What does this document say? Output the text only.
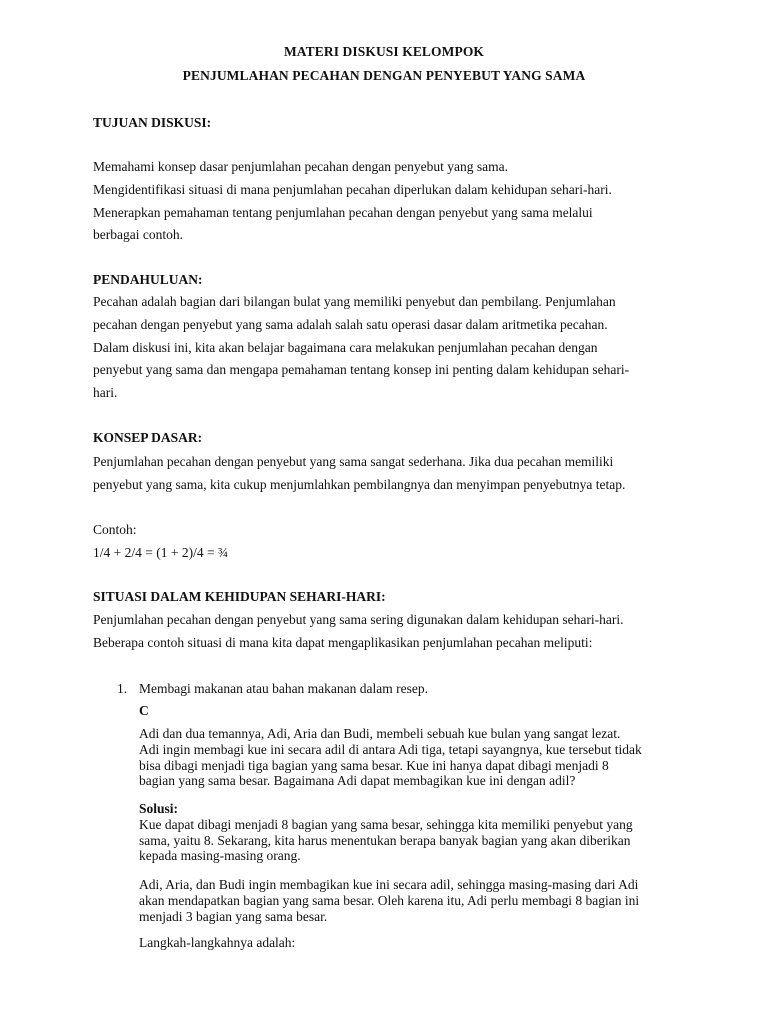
MATERI DISKUSI KELOMPOK
PENJUMLAHAN PECAHAN DENGAN PENYEBUT YANG SAMA
TUJUAN DISKUSI:
Memahami konsep dasar penjumlahan pecahan dengan penyebut yang sama.
Mengidentifikasi situasi di mana penjumlahan pecahan diperlukan dalam kehidupan sehari-hari.
Menerapkan pemahaman tentang penjumlahan pecahan dengan penyebut yang sama melalui
berbagai contoh.
PENDAHULUAN:
Pecahan adalah bagian dari bilangan bulat yang memiliki penyebut dan pembilang. Penjumlahan
pecahan dengan penyebut yang sama adalah salah satu operasi dasar dalam aritmetika pecahan.
Dalam diskusi ini, kita akan belajar bagaimana cara melakukan penjumlahan pecahan dengan
penyebut yang sama dan mengapa pemahaman tentang konsep ini penting dalam kehidupan sehari-
hari.
KONSEP DASAR:
Penjumlahan pecahan dengan penyebut yang sama sangat sederhana. Jika dua pecahan memiliki
penyebut yang sama, kita cukup menjumlahkan pembilangnya dan menyimpan penyebutnya tetap.
Contoh:
1/4 + 2/4 = (1 + 2)/4 = ¾
SITUASI DALAM KEHIDUPAN SEHARI-HARI:
Penjumlahan pecahan dengan penyebut yang sama sering digunakan dalam kehidupan sehari-hari.
Beberapa contoh situasi di mana kita dapat mengaplikasikan penjumlahan pecahan meliputi:
1. Membagi makanan atau bahan makanan dalam resep.
C
Adi dan dua temannya, Adi, Aria dan Budi, membeli sebuah kue bulan yang sangat lezat.
Adi ingin membagi kue ini secara adil di antara Adi tiga, tetapi sayangnya, kue tersebut tidak
bisa dibagi menjadi tiga bagian yang sama besar. Kue ini hanya dapat dibagi menjadi 8
bagian yang sama besar. Bagaimana Adi dapat membagikan kue ini dengan adil?
Solusi:
Kue dapat dibagi menjadi 8 bagian yang sama besar, sehingga kita memiliki penyebut yang
sama, yaitu 8. Sekarang, kita harus menentukan berapa banyak bagian yang akan diberikan
kepada masing-masing orang.
Adi, Aria, dan Budi ingin membagikan kue ini secara adil, sehingga masing-masing dari Adi
akan mendapatkan bagian yang sama besar. Oleh karena itu, Adi perlu membagi 8 bagian ini
menjadi 3 bagian yang sama besar.
Langkah-langkahnya adalah:
